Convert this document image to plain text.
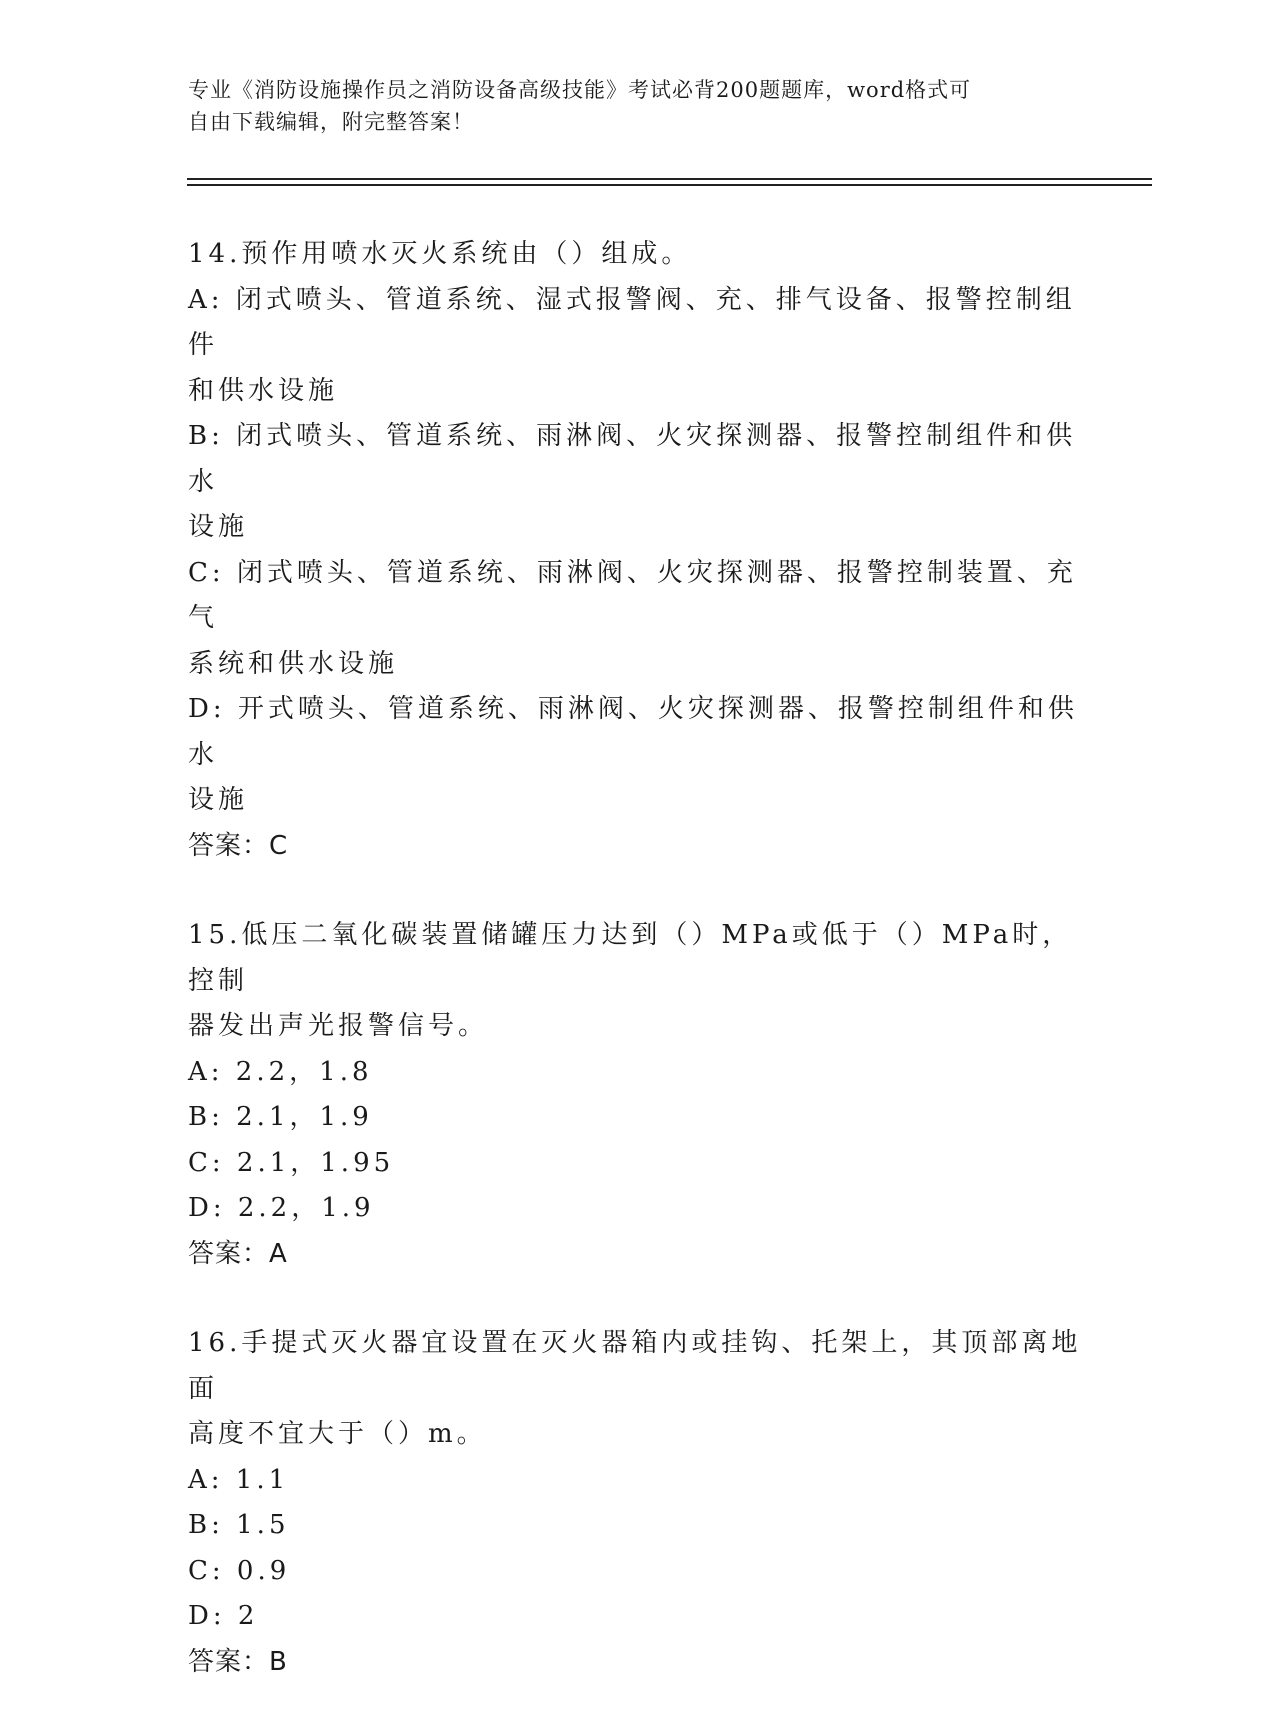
专业《消防设施操作员之消防设备高级技能》考试必背200题题库，word格式可
自由下载编辑，附完整答案！
14.预作用喷水灭火系统由（）组成。
A: 闭式喷头、管道系统、湿式报警阀、充、排气设备、报警控制组件
和供水设施
B: 闭式喷头、管道系统、雨淋阀、火灾探测器、报警控制组件和供水
设施
C: 闭式喷头、管道系统、雨淋阀、火灾探测器、报警控制装置、充气
系统和供水设施
D: 开式喷头、管道系统、雨淋阀、火灾探测器、报警控制组件和供水
设施
答案：C
15.低压二氧化碳装置储罐压力达到（）MPa或低于（）MPa时，控制
器发出声光报警信号。
A: 2.2，1.8
B: 2.1，1.9
C: 2.1，1.95
D: 2.2，1.9
答案：A
16.手提式灭火器宜设置在灭火器箱内或挂钩、托架上，其顶部离地面
高度不宜大于（）m。
A: 1.1
B: 1.5
C: 0.9
D: 2
答案：B
